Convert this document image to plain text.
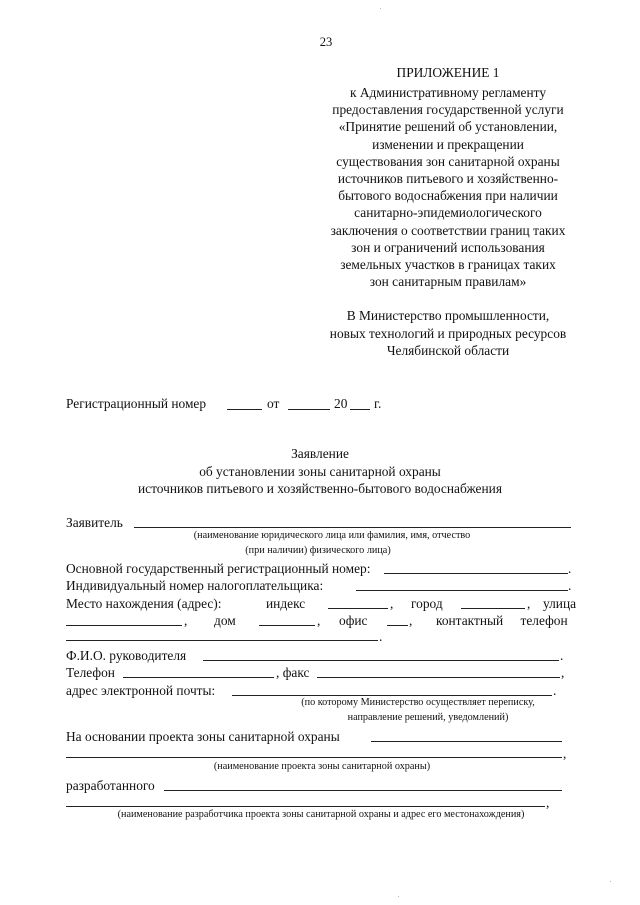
23
ПРИЛОЖЕНИЕ 1
к Административному регламенту
предоставления государственной услуги
«Принятие решений об установлении,
изменении и прекращении
существования зон санитарной охраны
источников питьевого и хозяйственно-
бытового водоснабжения при наличии
санитарно-эпидемиологического
заключения о соответствии границ таких
зон и ограничений использования
земельных участков в границах таких
зон санитарным правилам»
В Министерство промышленности,
новых технологий и природных ресурсов
Челябинской области
Регистрационный номер	от	20 г.
Заявление
об установлении зоны санитарной охраны
источников питьевого и хозяйственно-бытового водоснабжения
Заявитель
(наименование юридического лица или фамилия, имя, отчество
(при наличии) физического лица)
Основной государственный регистрационный номер:	.
Индивидуальный номер налогоплательщика:	.
Место нахождения (адрес):	индекс	, город	, улица
, дом	, офис	, контактный телефон
.
Ф.И.О. руководителя	.
Телефон	, факс	,
адрес электронной почты:	.
(по которому Министерство осуществляет переписку,
направление решений, уведомлений)
На основании проекта зоны санитарной охраны
,
(наименование проекта зоны санитарной охраны)
разработанного
,
(наименование разработчика проекта зоны санитарной охраны и адрес его местонахождения)
